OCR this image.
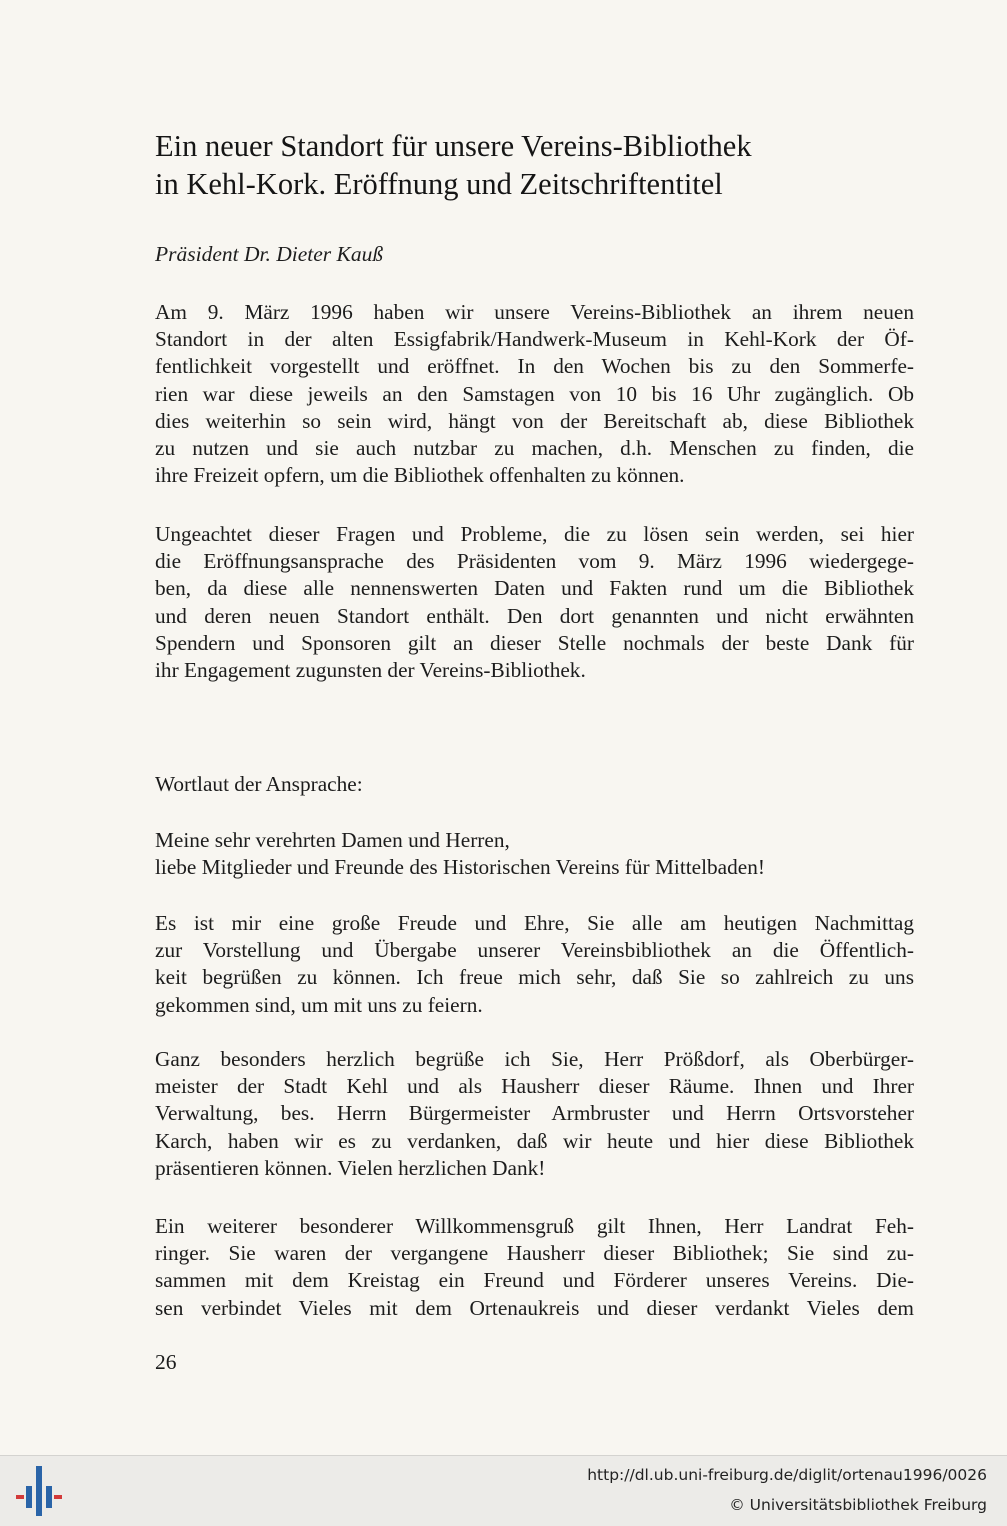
Ein neuer Standort für unsere Vereins-Bibliothek
in Kehl-Kork. Eröffnung und Zeitschriftentitel

Präsident Dr. Dieter Kauß

Am 9. März 1996 haben wir unsere Vereins-Bibliothek an ihrem neuen
Standort in der alten Essigfabrik/Handwerk-Museum in Kehl-Kork der Öf-
fentlichkeit vorgestellt und eröffnet. In den Wochen bis zu den Sommerfe-
rien war diese jeweils an den Samstagen von 10 bis 16 Uhr zugänglich. Ob
dies weiterhin so sein wird, hängt von der Bereitschaft ab, diese Bibliothek
zu nutzen und sie auch nutzbar zu machen, d.h. Menschen zu finden, die
ihre Freizeit opfern, um die Bibliothek offenhalten zu können.

Ungeachtet dieser Fragen und Probleme, die zu lösen sein werden, sei hier
die Eröffnungsansprache des Präsidenten vom 9. März 1996 wiedergege-
ben, da diese alle nennenswerten Daten und Fakten rund um die Bibliothek
und deren neuen Standort enthält. Den dort genannten und nicht erwähnten
Spendern und Sponsoren gilt an dieser Stelle nochmals der beste Dank für
ihr Engagement zugunsten der Vereins-Bibliothek.

Wortlaut der Ansprache:

Meine sehr verehrten Damen und Herren,
liebe Mitglieder und Freunde des Historischen Vereins für Mittelbaden!

Es ist mir eine große Freude und Ehre, Sie alle am heutigen Nachmittag
zur Vorstellung und Übergabe unserer Vereinsbibliothek an die Öffentlich-
keit begrüßen zu können. Ich freue mich sehr, daß Sie so zahlreich zu uns
gekommen sind, um mit uns zu feiern.

Ganz besonders herzlich begrüße ich Sie, Herr Prößdorf, als Oberbürger-
meister der Stadt Kehl und als Hausherr dieser Räume. Ihnen und Ihrer
Verwaltung, bes. Herrn Bürgermeister Armbruster und Herrn Ortsvorsteher
Karch, haben wir es zu verdanken, daß wir heute und hier diese Bibliothek
präsentieren können. Vielen herzlichen Dank!

Ein weiterer besonderer Willkommensgruß gilt Ihnen, Herr Landrat Feh-
ringer. Sie waren der vergangene Hausherr dieser Bibliothek; Sie sind zu-
sammen mit dem Kreistag ein Freund und Förderer unseres Vereins. Die-
sen verbindet Vieles mit dem Ortenaukreis und dieser verdankt Vieles dem

26

http://dl.ub.uni-freiburg.de/diglit/ortenau1996/0026
© Universitätsbibliothek Freiburg
